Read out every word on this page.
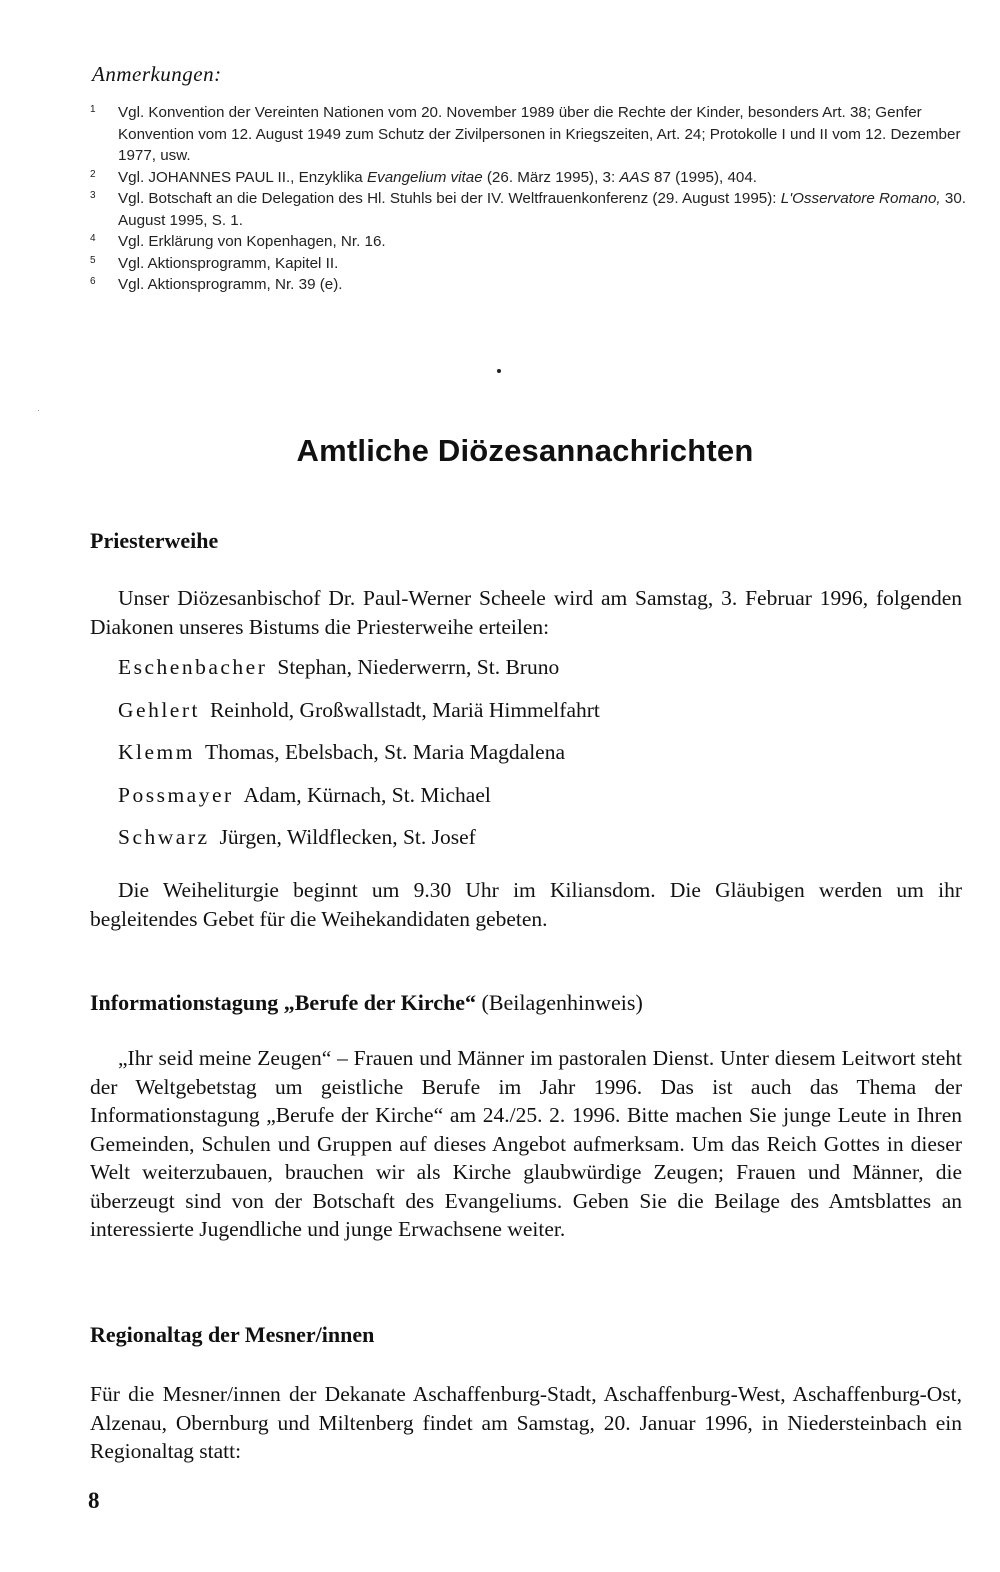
Anmerkungen:
1 Vgl. Konvention der Vereinten Nationen vom 20. November 1989 über die Rechte der Kinder, besonders Art. 38; Genfer Konvention vom 12. August 1949 zum Schutz der Zivilpersonen in Kriegszeiten, Art. 24; Protokolle I und II vom 12. Dezember 1977, usw.
2 Vgl. JOHANNES PAUL II., Enzyklika Evangelium vitae (26. März 1995), 3: AAS 87 (1995), 404.
3 Vgl. Botschaft an die Delegation des Hl. Stuhls bei der IV. Weltfrauenkonferenz (29. August 1995): L'Osservatore Romano, 30. August 1995, S. 1.
4 Vgl. Erklärung von Kopenhagen, Nr. 16.
5 Vgl. Aktionsprogramm, Kapitel II.
6 Vgl. Aktionsprogramm, Nr. 39 (e).
Amtliche Diözesannachrichten
Priesterweihe

Unser Diözesanbischof Dr. Paul-Werner Scheele wird am Samstag, 3. Februar 1996, folgenden Diakonen unseres Bistums die Priesterweihe erteilen:

Eschenbacher Stephan, Niederwerrn, St. Bruno
Gehlert Reinhold, Großwallstadt, Mariä Himmelfahrt
Klemm Thomas, Ebelsbach, St. Maria Magdalena
Possmayer Adam, Kürnach, St. Michael
Schwarz Jürgen, Wildflecken, St. Josef

Die Weiheliturgie beginnt um 9.30 Uhr im Kiliansdom. Die Gläubigen werden um ihr begleitendes Gebet für die Weihekandidaten gebeten.

Informationstagung „Berufe der Kirche“ (Beilagenhinweis)

„Ihr seid meine Zeugen“ – Frauen und Männer im pastoralen Dienst. Unter diesem Leitwort steht der Weltgebetstag um geistliche Berufe im Jahr 1996. Das ist auch das Thema der Informationstagung „Berufe der Kirche“ am 24./25. 2. 1996. Bitte machen Sie junge Leute in Ihren Gemeinden, Schulen und Gruppen auf dieses Angebot aufmerksam. Um das Reich Gottes in dieser Welt weiterzubauen, brauchen wir als Kirche glaubwürdige Zeugen; Frauen und Männer, die überzeugt sind von der Botschaft des Evangeliums. Geben Sie die Beilage des Amtsblattes an interessierte Jugendliche und junge Erwachsene weiter.

Regionaltag der Mesner/innen

Für die Mesner/innen der Dekanate Aschaffenburg-Stadt, Aschaffenburg-West, Aschaffenburg-Ost, Alzenau, Obernburg und Miltenberg findet am Samstag, 20. Januar 1996, in Niedersteinbach ein Regionaltag statt:

8
